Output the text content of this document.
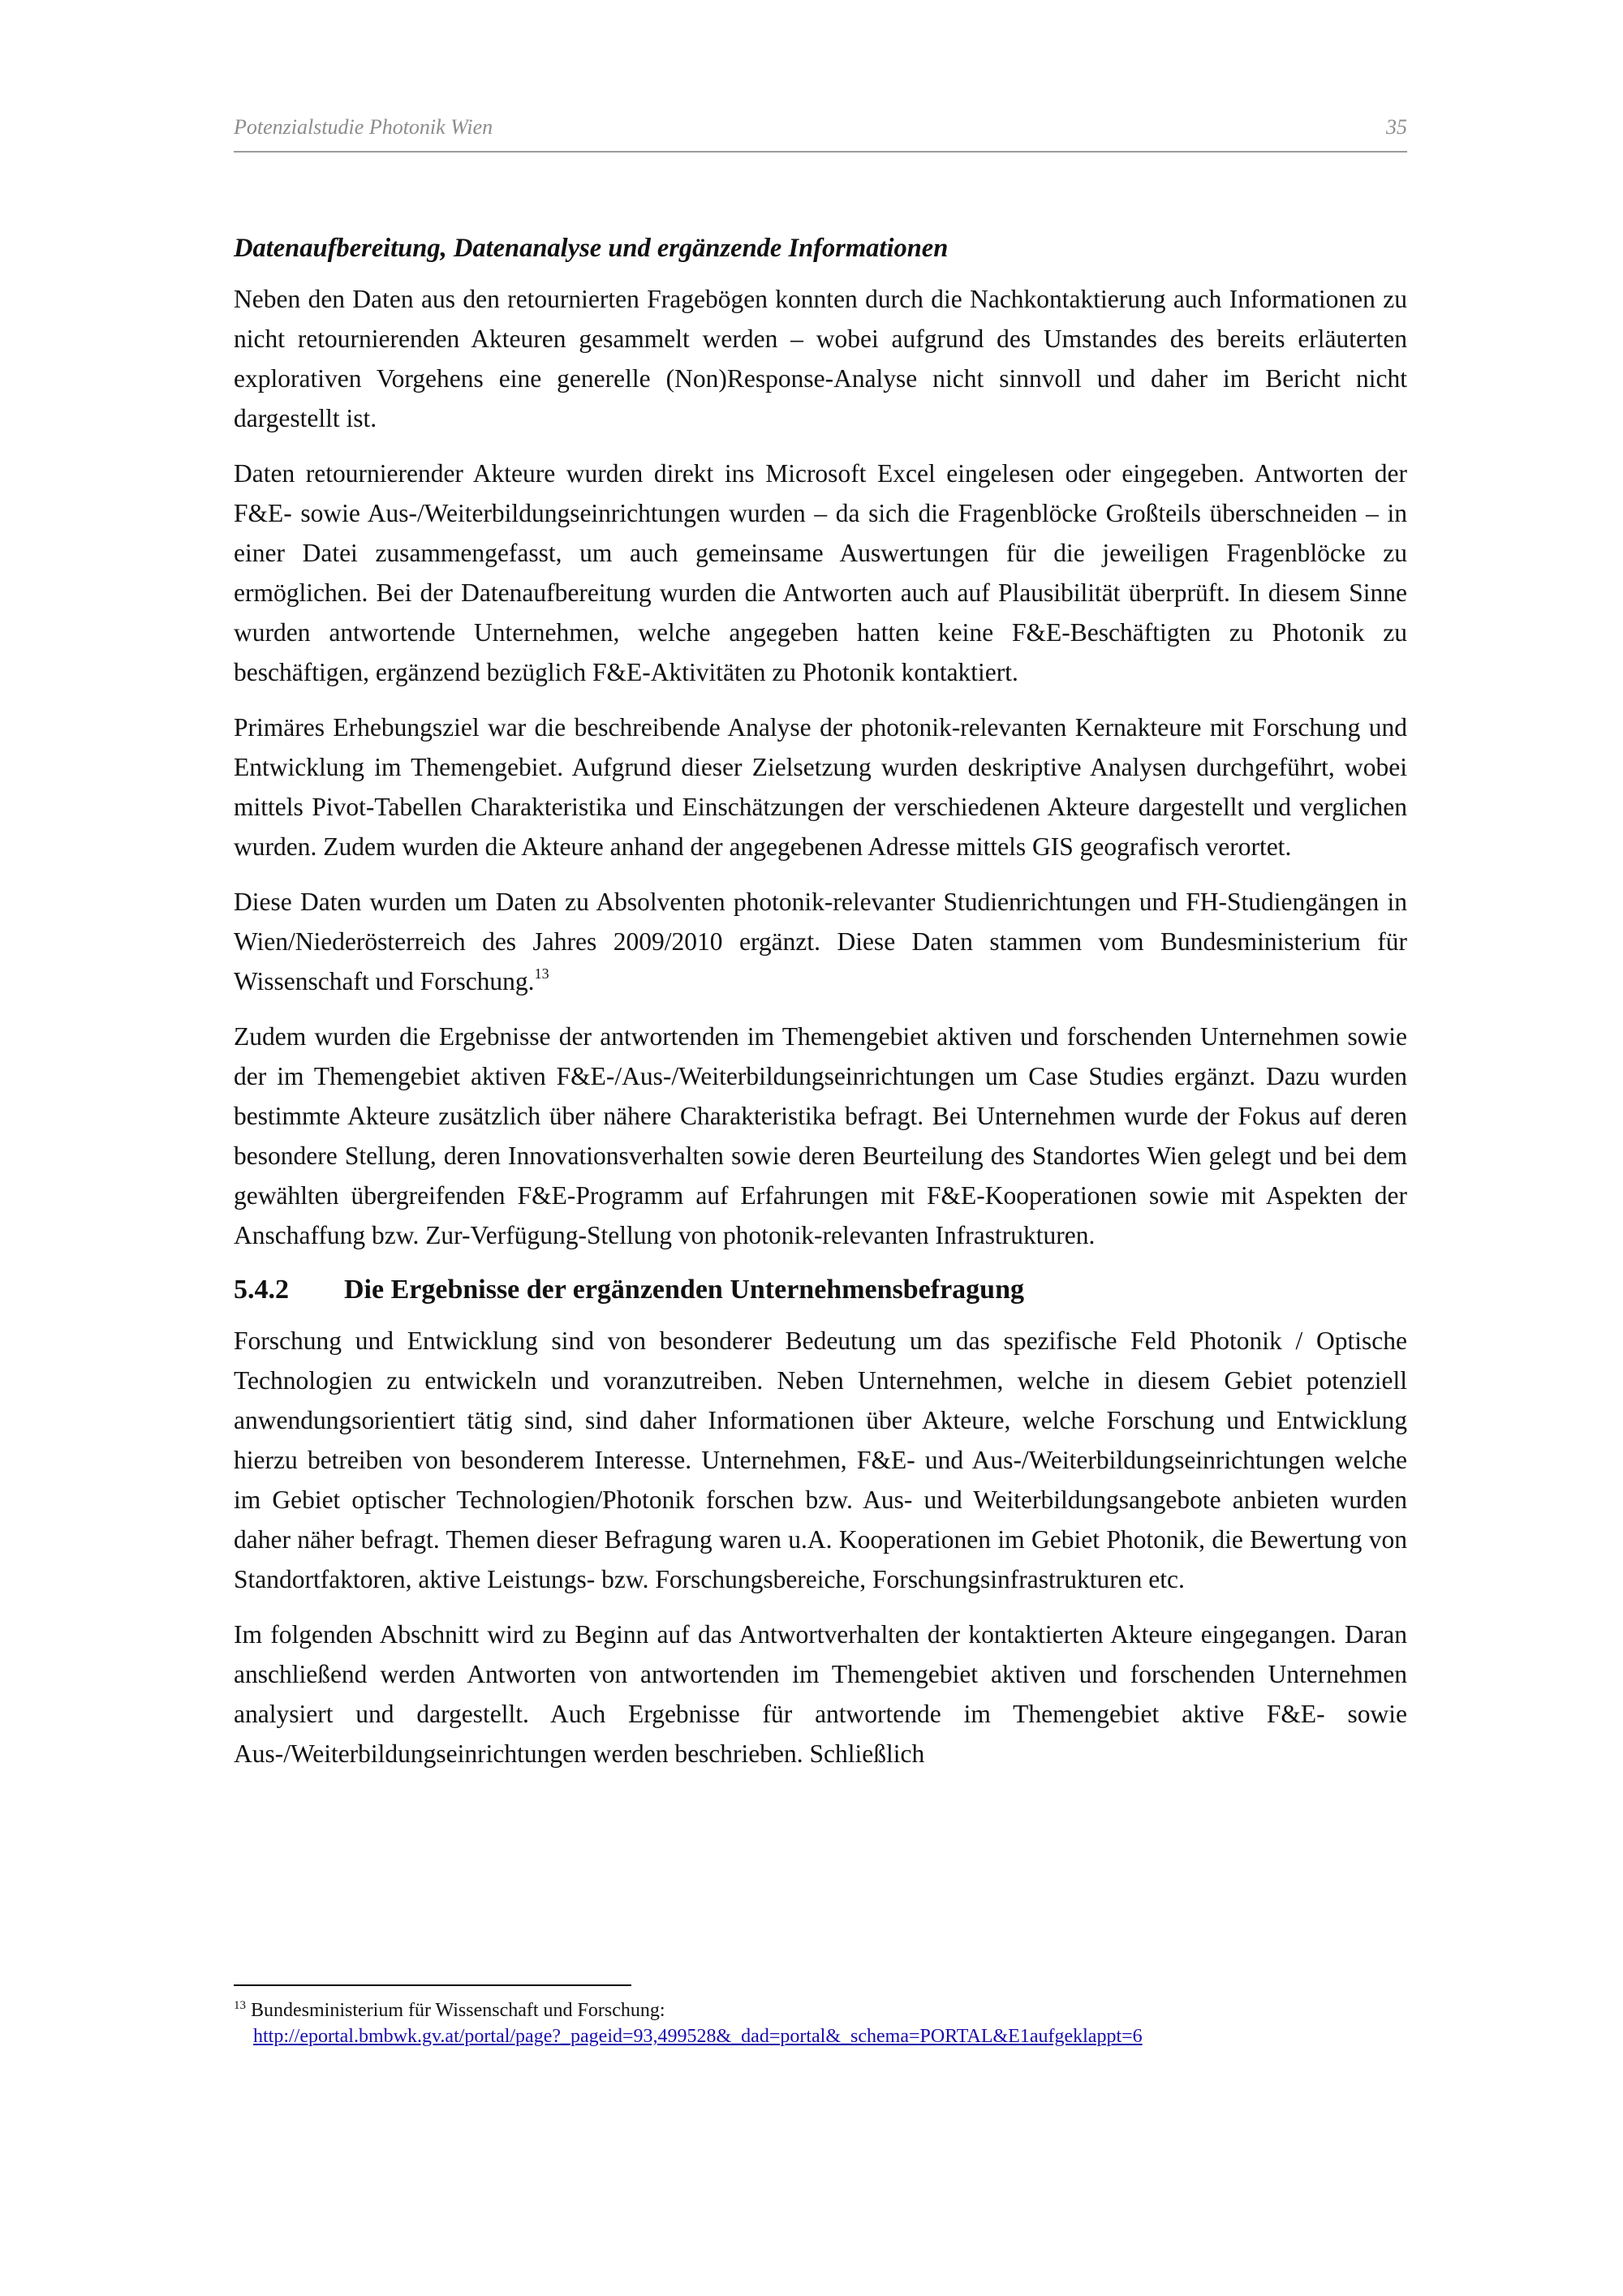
Potenzialstudie Photonik Wien	35
Datenaufbereitung, Datenanalyse und ergänzende Informationen

Neben den Daten aus den retournierten Fragebögen konnten durch die Nachkontaktierung auch Informationen zu nicht retournierenden Akteuren gesammelt werden – wobei aufgrund des Umstandes des bereits erläuterten explorativen Vorgehens eine generelle (Non)Response-Analyse nicht sinnvoll und daher im Bericht nicht dargestellt ist.

Daten retournierender Akteure wurden direkt ins Microsoft Excel eingelesen oder eingegeben. Antworten der F&E- sowie Aus-/Weiterbildungseinrichtungen wurden – da sich die Fragenblöcke Großteils überschneiden – in einer Datei zusammengefasst, um auch gemeinsame Auswertungen für die jeweiligen Fragenblöcke zu ermöglichen. Bei der Datenaufbereitung wurden die Antworten auch auf Plausibilität überprüft. In diesem Sinne wurden antwortende Unternehmen, welche angegeben hatten keine F&E-Beschäftigten zu Photonik zu beschäftigen, ergänzend bezüglich F&E-Aktivitäten zu Photonik kontaktiert.

Primäres Erhebungsziel war die beschreibende Analyse der photonik-relevanten Kernakteure mit Forschung und Entwicklung im Themengebiet. Aufgrund dieser Zielsetzung wurden deskriptive Analysen durchgeführt, wobei mittels Pivot-Tabellen Charakteristika und Einschätzungen der verschiedenen Akteure dargestellt und verglichen wurden. Zudem wurden die Akteure anhand der angegebenen Adresse mittels GIS geografisch verortet.

Diese Daten wurden um Daten zu Absolventen photonik-relevanter Studienrichtungen und FH-Studiengängen in Wien/Niederösterreich des Jahres 2009/2010 ergänzt. Diese Daten stammen vom Bundesministerium für Wissenschaft und Forschung.$^{13}$

Zudem wurden die Ergebnisse der antwortenden im Themengebiet aktiven und forschenden Unternehmen sowie der im Themengebiet aktiven F&E-/Aus-/Weiterbildungseinrichtungen um Case Studies ergänzt. Dazu wurden bestimmte Akteure zusätzlich über nähere Charakteristika befragt. Bei Unternehmen wurde der Fokus auf deren besondere Stellung, deren Innovationsverhalten sowie deren Beurteilung des Standortes Wien gelegt und bei dem gewählten übergreifenden F&E-Programm auf Erfahrungen mit F&E-Kooperationen sowie mit Aspekten der Anschaffung bzw. Zur-Verfügung-Stellung von photonik-relevanten Infrastrukturen.

5.4.2 Die Ergebnisse der ergänzenden Unternehmensbefragung

Forschung und Entwicklung sind von besonderer Bedeutung um das spezifische Feld Photonik / Optische Technologien zu entwickeln und voranzutreiben. Neben Unternehmen, welche in diesem Gebiet potenziell anwendungsorientiert tätig sind, sind daher Informationen über Akteure, welche Forschung und Entwicklung hierzu betreiben von besonderem Interesse. Unternehmen, F&E- und Aus-/Weiterbildungseinrichtungen welche im Gebiet optischer Technologien/Photonik forschen bzw. Aus- und Weiterbildungsangebote anbieten wurden daher näher befragt. Themen dieser Befragung waren u.A. Kooperationen im Gebiet Photonik, die Bewertung von Standortfaktoren, aktive Leistungs- bzw. Forschungsbereiche, Forschungsinfrastrukturen etc.

Im folgenden Abschnitt wird zu Beginn auf das Antwortverhalten der kontaktierten Akteure eingegangen. Daran anschließend werden Antworten von antwortenden im Themengebiet aktiven und forschenden Unternehmen analysiert und dargestellt. Auch Ergebnisse für antwortende im Themengebiet aktive F&E- sowie Aus-/Weiterbildungseinrichtungen werden beschrieben. Schließlich

$^{13}$ Bundesministerium für Wissenschaft und Forschung:
http://eportal.bmbwk.gv.at/portal/page?_pageid=93,499528&_dad=portal&_schema=PORTAL&E1aufgeklappt=6
